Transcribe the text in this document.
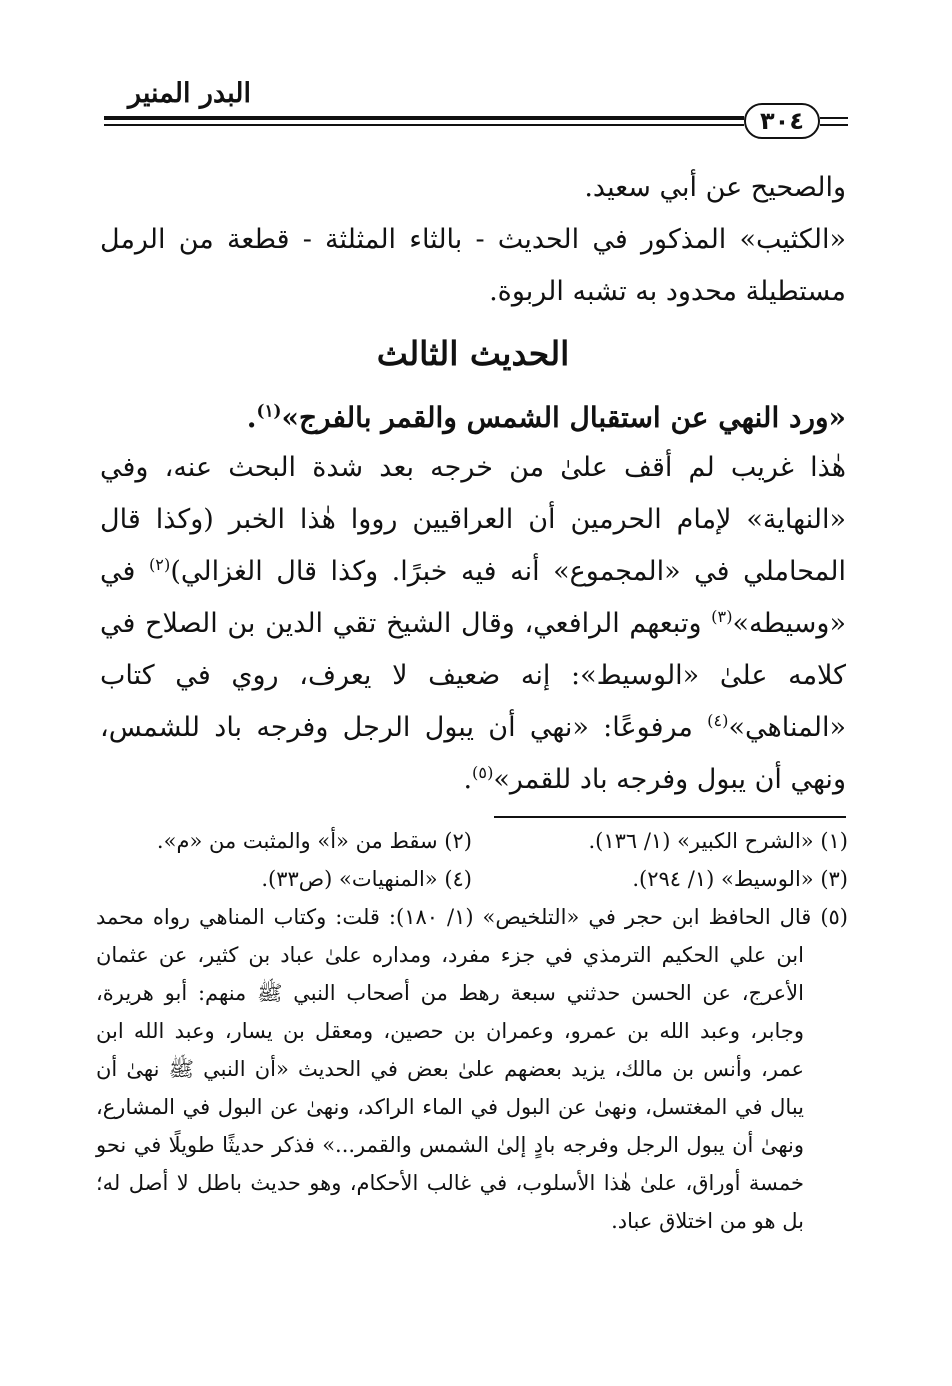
البدر المنير
٣٠٤

والصحيح عن أبي سعيد.

«الكثيب» المذكور في الحديث - بالثاء المثلثة - قطعة من الرمل مستطيلة محدود به تشبه الربوة.

الحديث الثالث
«ورد النهي عن استقبال الشمس والقمر بالفرج»$^{(١)}$.

هٰذا غريب لم أقف علىٰ من خرجه بعد شدة البحث عنه، وفي «النهاية» لإمام الحرمين أن العراقيين رووا هٰذا الخبر (وكذا قال المحاملي في «المجموع» أنه فيه خبرًا. وكذا قال الغزالي)$^{(٢)}$ في «وسيطه»$^{(٣)}$ وتبعهم الرافعي، وقال الشيخ تقي الدين بن الصلاح في كلامه علىٰ «الوسيط»: إنه ضعيف لا يعرف، روي في كتاب «المناهي»$^{(٤)}$ مرفوعًا: «نهي أن يبول الرجل وفرجه باد للشمس، ونهي أن يبول وفرجه باد للقمر»$^{(٥)}$.

(١) «الشرح الكبير» (١/ ١٣٦).
(٢) سقط من «أ» والمثبت من «م».
(٣) «الوسيط» (١/ ٢٩٤).
(٤) «المنهيات» (ص٣٣).
(٥) قال الحافظ ابن حجر في «التلخيص» (١/ ١٨٠): قلت: وكتاب المناهي رواه محمد ابن علي الحكيم الترمذي في جزء مفرد، ومداره علىٰ عباد بن كثير، عن عثمان الأعرج، عن الحسن حدثني سبعة رهط من أصحاب النبي ﷺ منهم: أبو هريرة، وجابر، وعبد الله بن عمرو، وعمران بن حصين، ومعقل بن يسار، وعبد الله ابن عمر، وأنس بن مالك، يزيد بعضهم علىٰ بعض في الحديث «أن النبي ﷺ نهىٰ أن يبال في المغتسل، ونهىٰ عن البول في الماء الراكد، ونهىٰ عن البول في المشارع، ونهىٰ أن يبول الرجل وفرجه بادٍ إلىٰ الشمس والقمر...» فذكر حديثًا طويلًا في نحو خمسة أوراق، علىٰ هٰذا الأسلوب، في غالب الأحكام، وهو حديث باطل لا أصل له؛ بل هو من اختلاق عباد.
